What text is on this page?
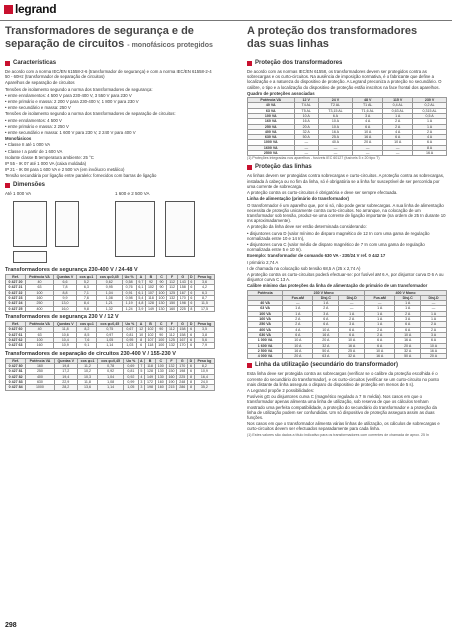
legrand
Transformadores de segurança e de
separação de circuitos - monofásicos protegidos
A proteção dos transformadores
das suas linhas
Características

De acordo com a norma IEC/EN 61558-2-6 (transformador de segurança) e com a norma IEC/EN 61558-2-4 50 - 60Hz (transformador de separação de circuitos)

Aparelhos de separação de circuitos

Tensões de isolamento segundo a norma dos transformadores de segurança:

• entre enrolamentos: 4 500 V para 230-400 V, 3 550 V para 230 V

• entre primário e massa: 2 200 V para 230-400 V, 1 800 V para 230 V

• entre secundário e massa: 250 V

Tensões de isolamento segundo a norma dos transformadores de separação de circuitos:

• entre enrolamentos: 4 500 V

• entre primário e massa: 2 250 V

• entre secundário e massa: 1 600 V para 230 V, 2 240 V para 400 V

Monofásicos

• Classe II até 1 000 VA

• Classe I a partir de 1 600 VA

Isolante classe B temperatura ambiente: 25 °C

IP 55 - IK 07 até 1 000 VA (caixa moldada)

IP 21 - IK 08 para 1 600 VA e 2 500 VA (em invólucro metálico)

Tensão secundária por ligação entre paralelo: fornecidos com barras de ligação

Dimensões
Até 1 000 VA	1 600 e 2 500 VA
Transformadores de segurança 230-400 V / 24-48 V
Ref.	Potência VA	Quedas V	cos φ=1	cos φ=0,45	Uo %	A	B	C	F	G	D	Peso kg
0 427 20	40	6,6	5,2	0,62	0,58	9,7	92	90	112	143	6	3,6
0 427 21	63	7,8	6,3	0,95	0,76	6,1	102	90	112	158	6	4,2
0 427 22	100	8,8	7,1	1,04	0,91	6,1	107	100	125	167	6	6,3
0 427 23	160	9,9	7,6	1,08	0,98	5,4	118	100	132	170	6	8,7
0 427 24	250	13,0	8,4	1,21	1,19	4,8	128	130	150	198	6	11,5
0 427 25	400	16,0	9,8	1,32	1,24	3,9	149	130	160	225	8	17,5
Transformadores de segurança 230 V / 12 V
Ref.	Potência VA	Quedas V	cos φ=1	cos φ=0,45	Uo %	A	B	C	F	G	D	Peso kg
0 427 60	40	11,8	8,2	0,75	0,67	12	102	90	112	158	6	3,5
0 427 61	63	10,6	8,5	0,97	0,81	10	102	90	112	158	6	3,8
0 427 62	100	10,4	7,6	1,05	0,95	8	107	100	125	167	6	5,6
0 427 63	160	10,9	9,1	1,14	1,03	6	118	100	132	170	6	7,9
Transformadores de separação de circuitos 230-400 V / 155-230 V
Ref.	Potência VA	Quedas V	cos φ=1	cos φ=0,45	Uo %	A	B	C	F	G	D	Peso kg
0 427 80	160	19,8	11,2	0,78	0,69	7	118	100	132	170	6	8,2
0 427 81	250	17,2	10,2	0,92	0,81	5	128	130	150	198	6	10,9
0 427 82	400	19,4	10,3	1,04	0,92	4	149	130	160	225	8	16,4
0 427 83	630	22,9	11,8	1,08	0,99	3	172	160	190	248	8	24,0
0 427 84	1000	28,2	13,6	1,14	1,05	3	198	160	215	286	8	35,2
Proteção dos transformadores

De acordo com as normas IEC/EN 61558, os transformadores devem ser protegidos contra as sobrecargas e os curto-circuitos. Na ausência de imposição normativa, é o fabricante que define a localização e a natureza do dispositivo de proteção. A Legrand preconiza a proteção no secundário. O calibre, o tipo e a localização do dispositivo de proteção estão inscritos na face frontal dos aparelhos.

Quadro de proteções associadas

Potência VA	12 V	24 V	48 V	115 V	230 V
40 VA	T4 AL	T2 AL	T1 AL	0,4 AL	0,2 AL
63 VA	T5 AL	T3,15 AL	T1,6 AL	0,63 AL	0,315 AL
100 VA	10 A	6 A	3 A	1 A	0,5 A
160 VA	16 A	10 A	4 A	2 A	1 A
250 VA	20 A	10 A	6 A	2 A	1 A
400 VA	32 A	16 A	10 A	4 A	2 A
630 VA	50 A	25 A	16 A	6 A	4 A
1000 VA	—	40 A	20 A	10 A	6 A
1600 VA	—	—	—	—	8 A
2500 VA	—	—	—	—	16 A

(1) Proteções integradas nos aparelhos - fusíveis IEC 60127 (fusíveis 5 x 20 tipo T)

Proteção das linhas

As linhas devem ser protegidas contra sobrecargas e curto-circuitos. A proteção contra as sobrecargas, instalada à cabeça ou no fim da linha, só é obrigatória se a linha for susceptível de ser percorrida por uma corrente de sobrecarga.

A proteção contra os curto-circuitos é obrigatória e deve ser sempre efectuada.

Linha de alimentação (primário do transformador)

O transformador é um aparelho que, por si só, não pode gerar sobrecargas. A sua linha de alimentação necessita de proteção unicamente contra curto-circuitos. No arranque, na colocação de um transformador sob tensão, produz-se uma corrente de ligação importante (na ordem de 25 In durante 10 ms aproximadamente).

A proteção da linha deve ser então determinada considerando:

• disjuntores curva D (valor mínimo de disparo magnético de 12 In com uma gama de regulação normalizada entre 10 e 14 In),

• disjuntores curva C (valor médio de disparo magnético de 7 In com uma gama de regulação normalizada entre 5 e 10 In).

Exemplo: transformador de comando 630 VA - 230/24 V ref. 0 442 17

I primário 2,74 A

I de chamada na colocação sob tensão 68,5 A (25 x 2,74 A)

A proteção contra os curto-circuitos poderá efectuar-se: por fusível aM 6 A, por disjuntor curva D 6 A ou disjuntor curva C 13 A.

Calibre mínimo das proteções da linha de alimentação do primário de um transformador

Potência	230 V Mono			400 V Mono		
	Fus.aM	Disj.C	Disj.D	Fus.aM	Disj.C	Disj.D
40 VA	—	1 A	—	—	1 A	—
63 VA	1 A	2 A	—	1 A	1 A	—
100 VA	1 A	3 A	1 A	1 A	2 A	1 A
160 VA	2 A	6 A	2 A	1 A	3 A	1 A
250 VA	2 A	6 A	3 A	1 A	6 A	2 A
400 VA	4 A	10 A	6 A	2 A	6 A	2 A
630 VA	6 A	16 A	6 A	2 A	10 A	3 A
1 000 VA	10 A	20 A	10 A	6 A	16 A	6 A
1 600 VA	10 A	32 A	16 A	6 A	20 A	10 A
2 500 VA	16 A	50 A	25 A	10 A	32 A	16 A
4 000 VA	20 A	63 A	32 A	16 A	50 A	20 A
Linha da utilização (secundário do transformador)

Esta linha deve ser protegida contra as sobrecargas (verificar se o calibre da proteção escolhida é o corrente do secundário do transformador), e os curto-circuitos (verificar se um curto-circuito no ponto mais distante da linha assegura o disparo do dispositivo de proteção em menos de 5 s).

A Legrand propõe 2 possibilidades:

Fusíveis gG ou disjuntores curva C (magnético regulado a 7 In média). Nos casos em que o transformador apenas alimenta uma linha de utilização, sob reserva de que os cálculos tenham mostrado uma perfeita compatibilidade, a proteção do secundário do transformador e a proteção da linha de utilização podem ser confundidas. Um só dispositivo de proteção assegura assim as duas funções.

Nos casos em que o transformador alimenta várias linhas de utilização, os cálculos de sobrecargas e curto-circuitos devem ser efectuados separadamente para cada linha.

(1) Estes valores são dados a título indicativo para os transformadores com correntes de chamada de aprox. 25 In

298
